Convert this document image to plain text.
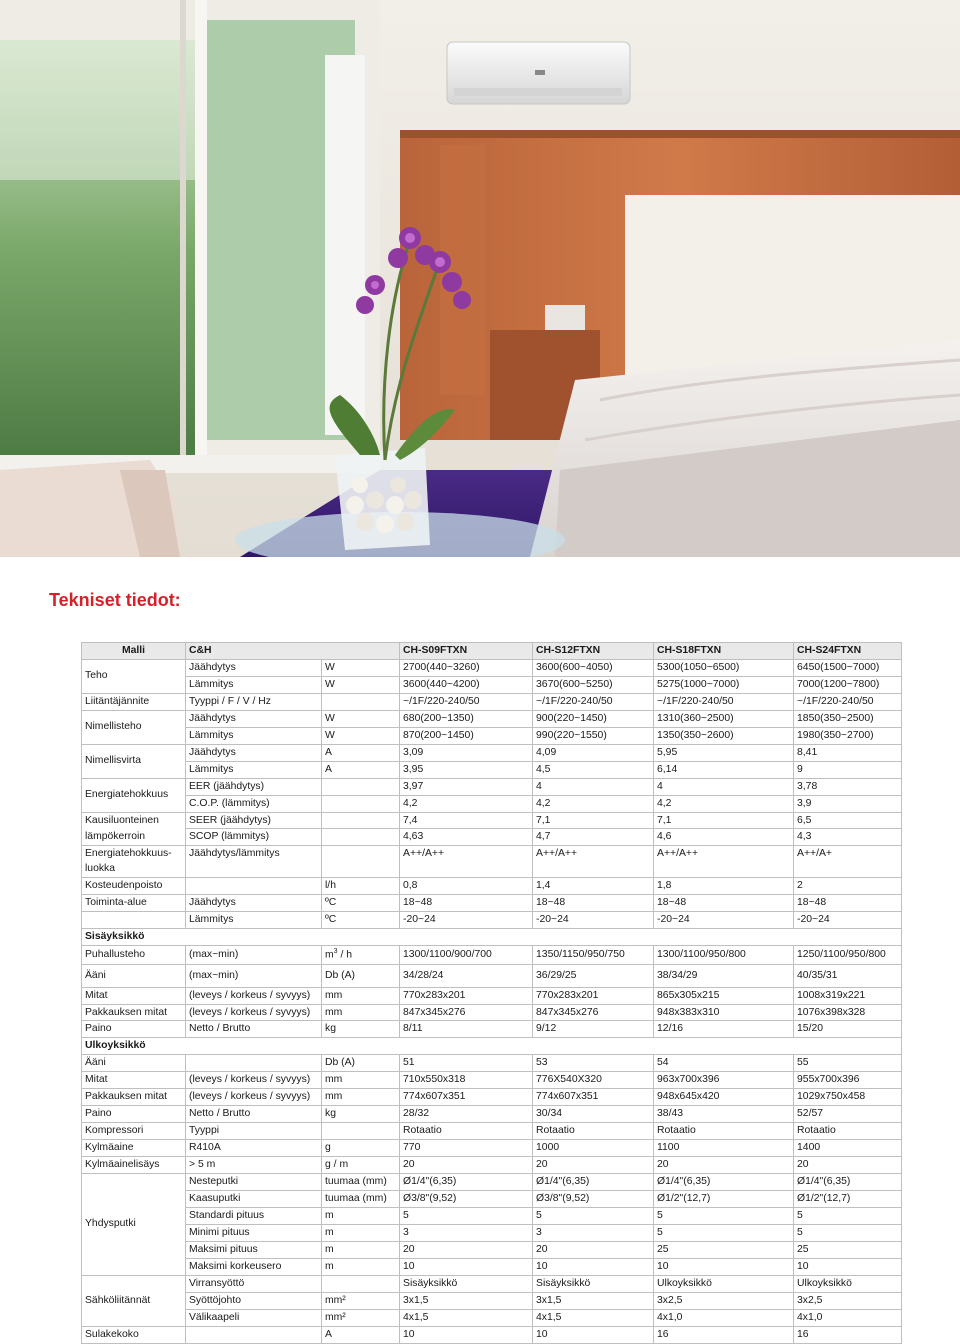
Tekniset tiedot:
Malli	C&H		CH-S09FTXN	CH-S12FTXN	CH-S18FTXN	CH-S24FTXN
Teho	Jäähdytys	W	2700(440~3260)	3600(600~4050)	5300(1050~6500)	6450(1500~7000)
	Lämmitys	W	3600(440~4200)	3670(600~5250)	5275(1000~7000)	7000(1200~7800)
Liitäntäjännite	Tyyppi / F / V / Hz		~/1F/220-240/50	~/1F/220-240/50	~/1F/220-240/50	~/1F/220-240/50
Nimellisteho	Jäähdytys	W	680(200~1350)	900(220~1450)	1310(360~2500)	1850(350~2500)
	Lämmitys	W	870(200~1450)	990(220~1550)	1350(350~2600)	1980(350~2700)
Nimellisvirta	Jäähdytys	A	3,09	4,09	5,95	8,41
	Lämmitys	A	3,95	4,5	6,14	9
Energiatehokkuus	EER (jäähdytys)		3,97	4	4	3,78
	C.O.P. (lämmitys)		4,2	4,2	4,2	3,9

Kausiluonteinen
lämpökerroin	SEER (jäähdytys)		7,4	7,1	7,1	6,5
	SCOP (lämmitys)		4,63	4,7	4,6	4,3

Energiatehokkuus-
luokka	Jäähdytys/lämmitys		A++/A++	A++/A++	A++/A++	A++/A+
Kosteudenpoisto		l/h	0,8	1,4	1,8	2
Toiminta-alue	Jäähdytys	ºC	18~48	18~48	18~48	18~48
	Lämmitys	ºC	-20~24	-20~24	-20~24	-20~24
Sisäyksikkö						
Puhallusteho	(max~min)	$m^3$ / h	1300/1100/900/700	1350/1150/950/750	1300/1100/950/800	1250/1100/950/800
Ääni	(max~min)	Db (A)	34/28/24	36/29/25	38/34/29	40/35/31
Mitat	(leveys / korkeus / syvyys)	mm	770x283x201	770x283x201	865x305x215	1008x319x221
Pakkauksen mitat	(leveys / korkeus / syvyys)	mm	847x345x276	847x345x276	948x383x310	1076x398x328
Paino	Netto / Brutto	kg	8/11	9/12	12/16	15/20
Ulkoyksikkö						
Ääni		Db (A)	51	53	54	55
Mitat	(leveys / korkeus / syvyys)	mm	710x550x318	776X540X320	963x700x396	955x700x396
Pakkauksen mitat	(leveys / korkeus / syvyys)	mm	774x607x351	774x607x351	948x645x420	1029x750x458
Paino	Netto / Brutto	kg	28/32	30/34	38/43	52/57
Kompressori	Tyyppi		Rotaatio	Rotaatio	Rotaatio	Rotaatio
Kylmäaine	R410A	g	770	1000	1100	1400
Kylmäainelisäys	> 5 m	g / m	20	20	20	20
Yhdysputki	Nesteputki	tuumaa (mm)	Ø1/4"(6,35)	Ø1/4"(6,35)	Ø1/4"(6,35)	Ø1/4"(6,35)
	Kaasuputki	tuumaa (mm)	Ø3/8"(9,52)	Ø3/8"(9,52)	Ø1/2"(12,7)	Ø1/2"(12,7)
	Standardi pituus	m	5	5	5	5
	Minimi pituus	m	3	3	5	5
	Maksimi pituus	m	20	20	25	25
	Maksimi korkeusero	m	10	10	10	10
Sähköliitännät	Virransyöttö		Sisäyksikkö	Sisäyksikkö	Ulkoyksikkö	Ulkoyksikkö
	Syöttöjohto	mm²	3x1,5	3x1,5	3x2,5	3x2,5
	Välikaapeli	mm²	4x1,5	4x1,5	4x1,0	4x1,0
Sulakekoko		A	10	10	16	16
